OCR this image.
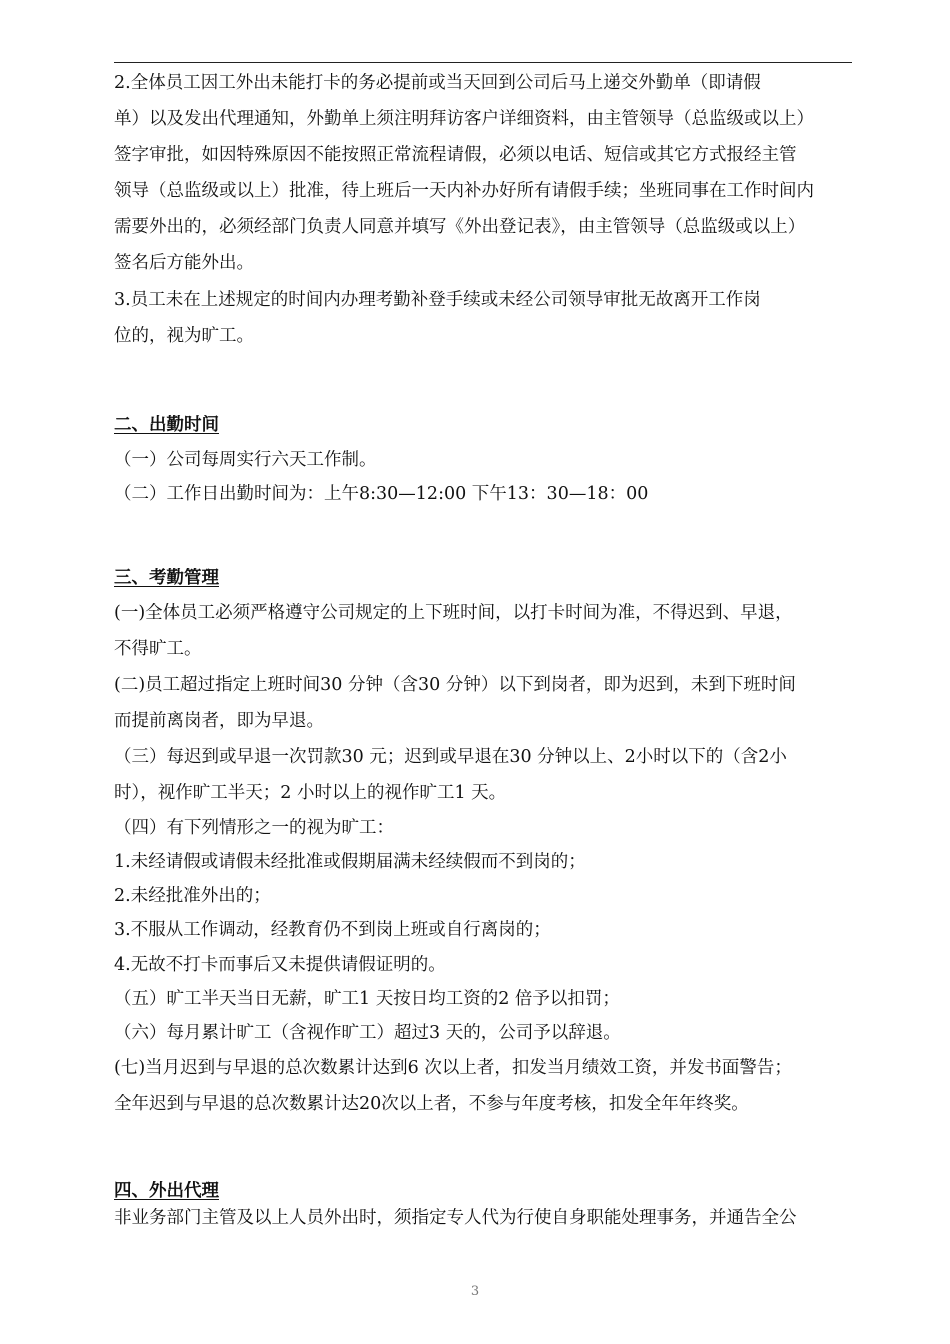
2.全体员工因工外出未能打卡的务必提前或当天回到公司后马上递交外勤单（即请假
单）以及发出代理通知，外勤单上须注明拜访客户详细资料，由主管领导（总监级或以上）
签字审批，如因特殊原因不能按照正常流程请假，必须以电话、短信或其它方式报经主管
领导（总监级或以上）批准，待上班后一天内补办好所有请假手续；坐班同事在工作时间内
需要外出的，必须经部门负责人同意并填写《外出登记表》，由主管领导（总监级或以上）
签名后方能外出。
3.员工未在上述规定的时间内办理考勤补登手续或未经公司领导审批无故离开工作岗
位的，视为旷工。
二、出勤时间
（一）公司每周实行六天工作制。
（二）工作日出勤时间为：上午8:30—12:00 下午13：30—18：00
三、考勤管理
(一)全体员工必须严格遵守公司规定的上下班时间，以打卡时间为准，不得迟到、早退，
不得旷工。
(二)员工超过指定上班时间30 分钟（含30 分钟）以下到岗者，即为迟到，未到下班时间
而提前离岗者，即为早退。
（三）每迟到或早退一次罚款30 元；迟到或早退在30 分钟以上、2小时以下的（含2小
时），视作旷工半天；2 小时以上的视作旷工1 天。
（四）有下列情形之一的视为旷工：
1.未经请假或请假未经批准或假期届满未经续假而不到岗的；
2.未经批准外出的；
3.不服从工作调动，经教育仍不到岗上班或自行离岗的；
4.无故不打卡而事后又未提供请假证明的。
（五）旷工半天当日无薪，旷工1 天按日均工资的2 倍予以扣罚；
（六）每月累计旷工（含视作旷工）超过3 天的，公司予以辞退。
(七)当月迟到与早退的总次数累计达到6 次以上者，扣发当月绩效工资，并发书面警告；
全年迟到与早退的总次数累计达20次以上者，不参与年度考核，扣发全年年终奖。
四、外出代理
非业务部门主管及以上人员外出时，须指定专人代为行使自身职能处理事务，并通告全公
3
